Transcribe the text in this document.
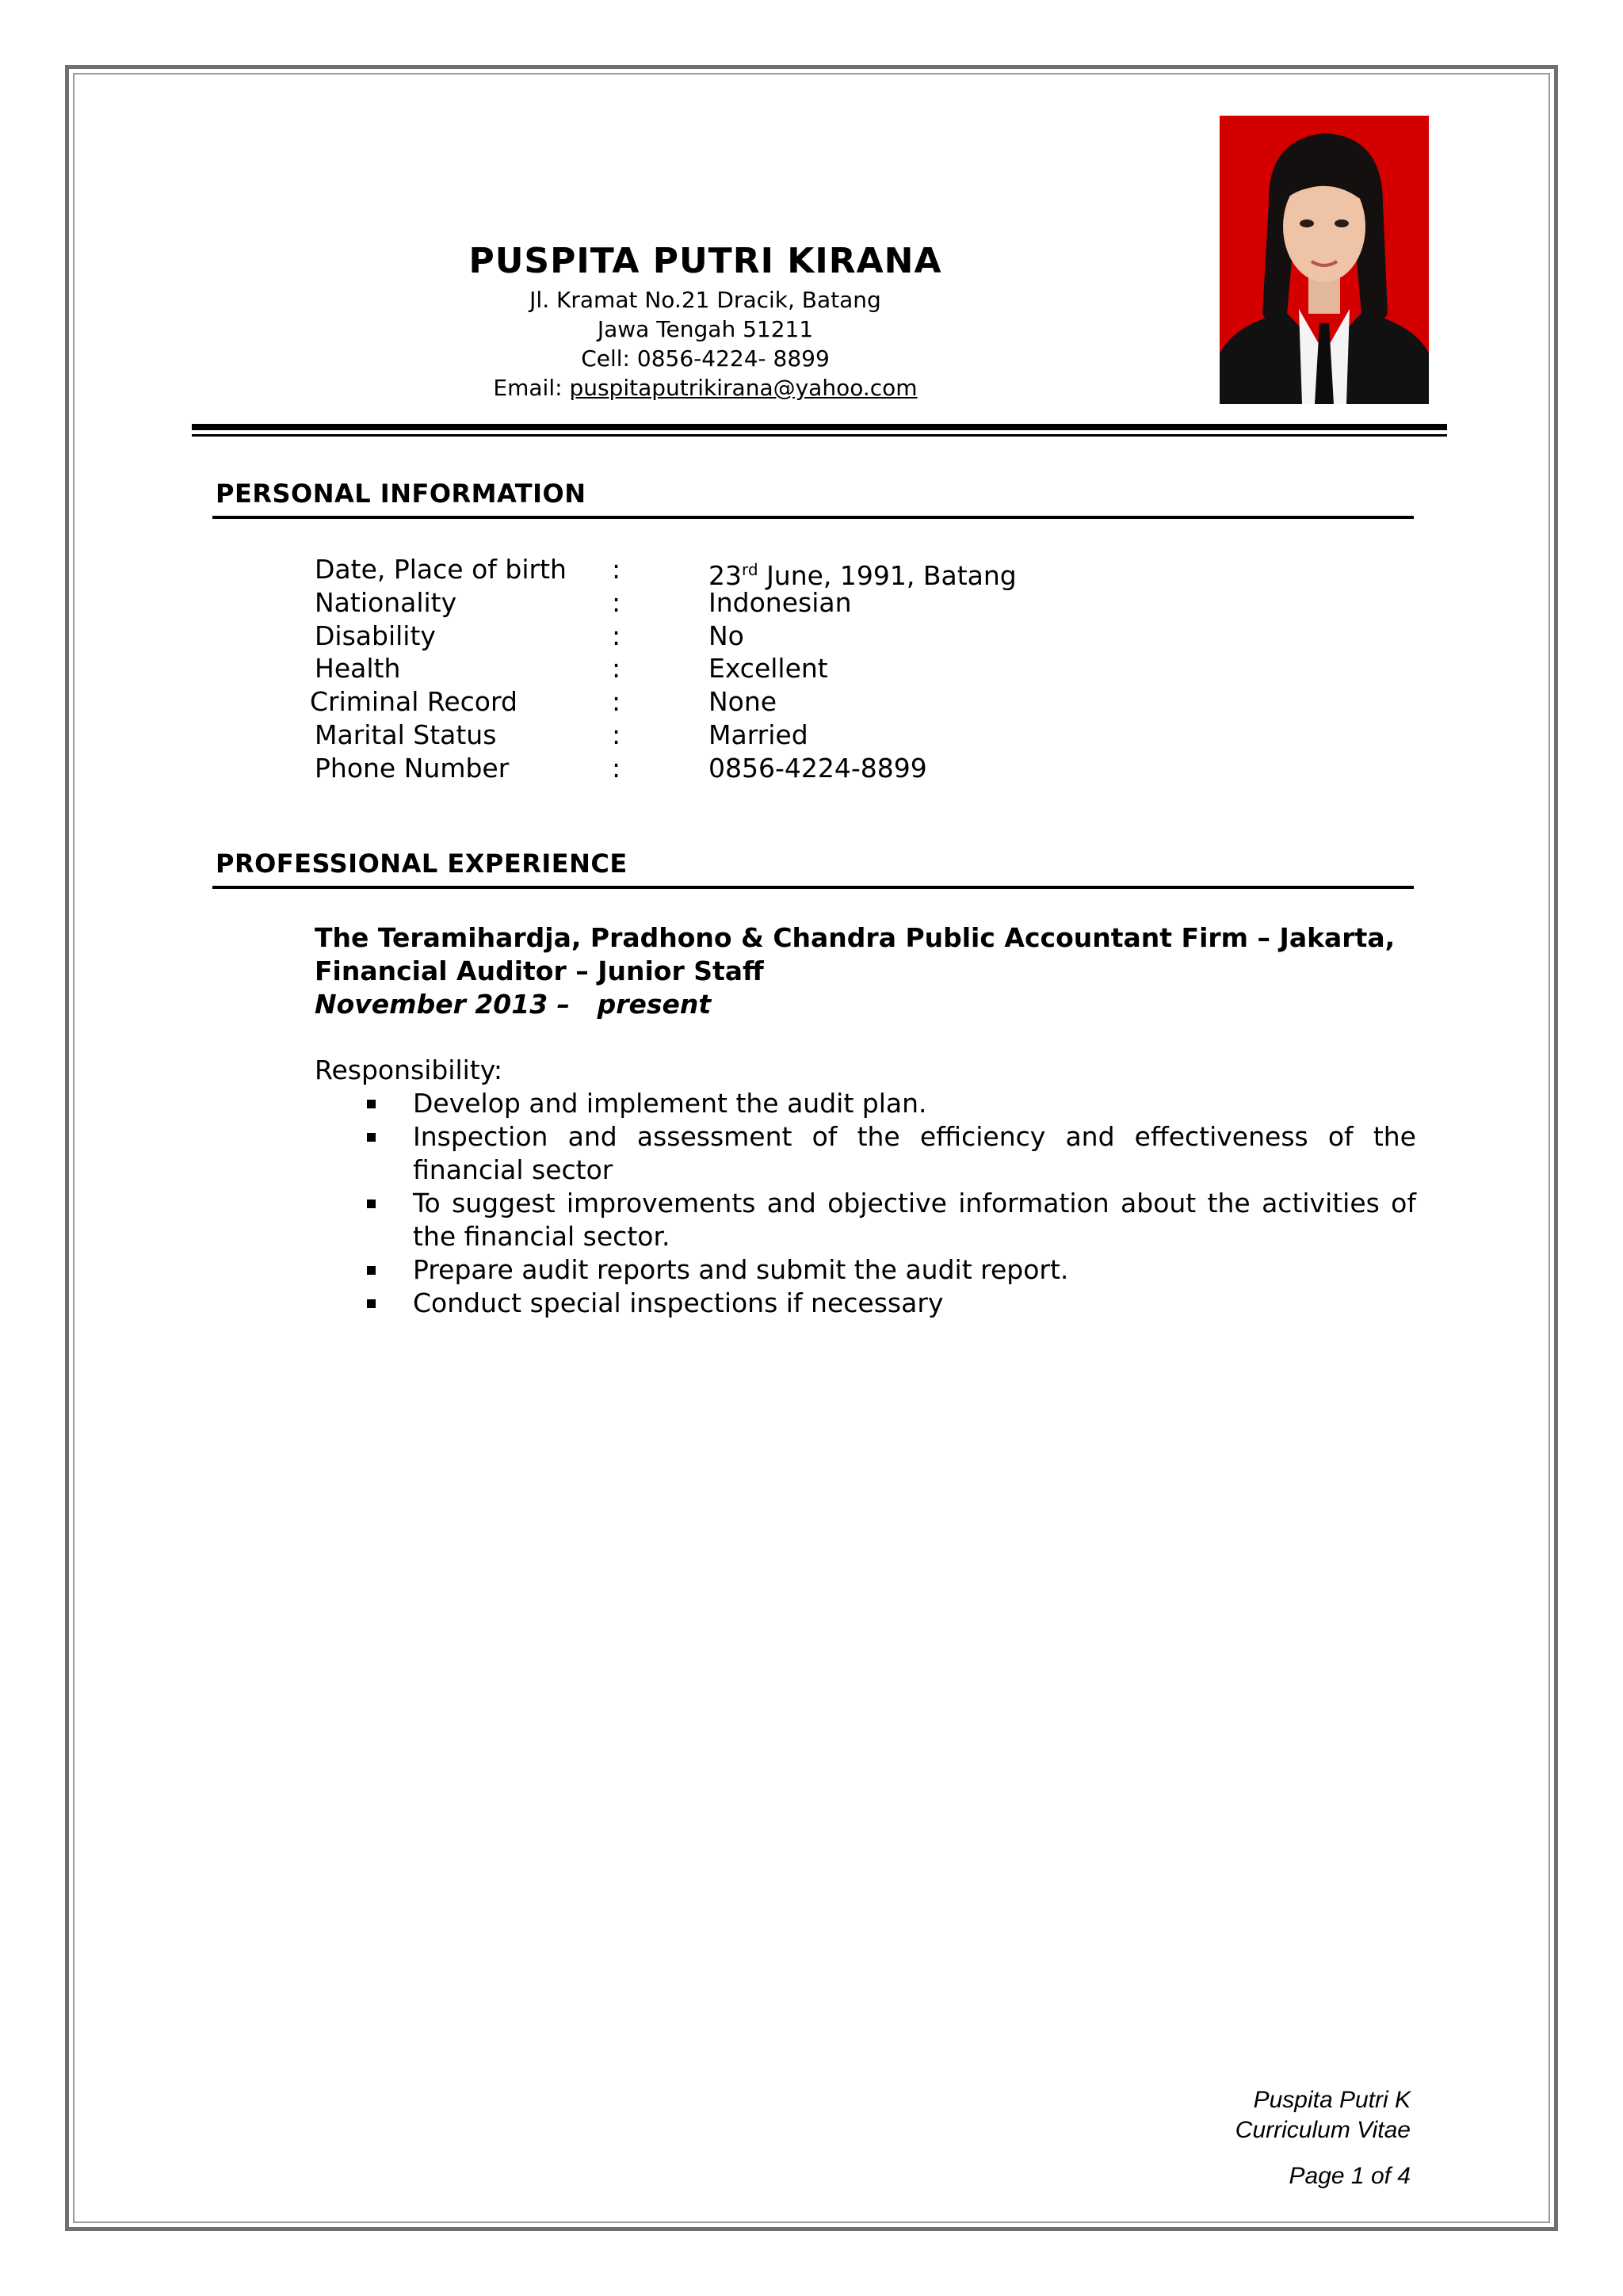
PUSPITA PUTRI KIRANA
Jl. Kramat No.21 Dracik, Batang
Jawa Tengah 51211
Cell: 0856-4224- 8899
Email: puspitaputrikirana@yahoo.com
PERSONAL INFORMATION
Date, Place of birth :	23rd June, 1991, Batang
Nationality	:	Indonesian
Disability	:	No
Health	:	Excellent
Criminal Record	:	None
Marital Status	:	Married
Phone Number	:	0856-4224-8899
PROFESSIONAL EXPERIENCE
The Teramihardja, Pradhono & Chandra Public Accountant Firm – Jakarta,
Financial Auditor – Junior Staff
November 2013 –   present
Responsibility:
Develop and implement the audit plan.
Inspection and assessment of the efficiency and effectiveness of the financial sector
To suggest improvements and objective information about the activities of the financial sector.
Prepare audit reports and submit the audit report.
Conduct special inspections if necessary
Puspita Putri K
Curriculum Vitae
Page 1 of 4
